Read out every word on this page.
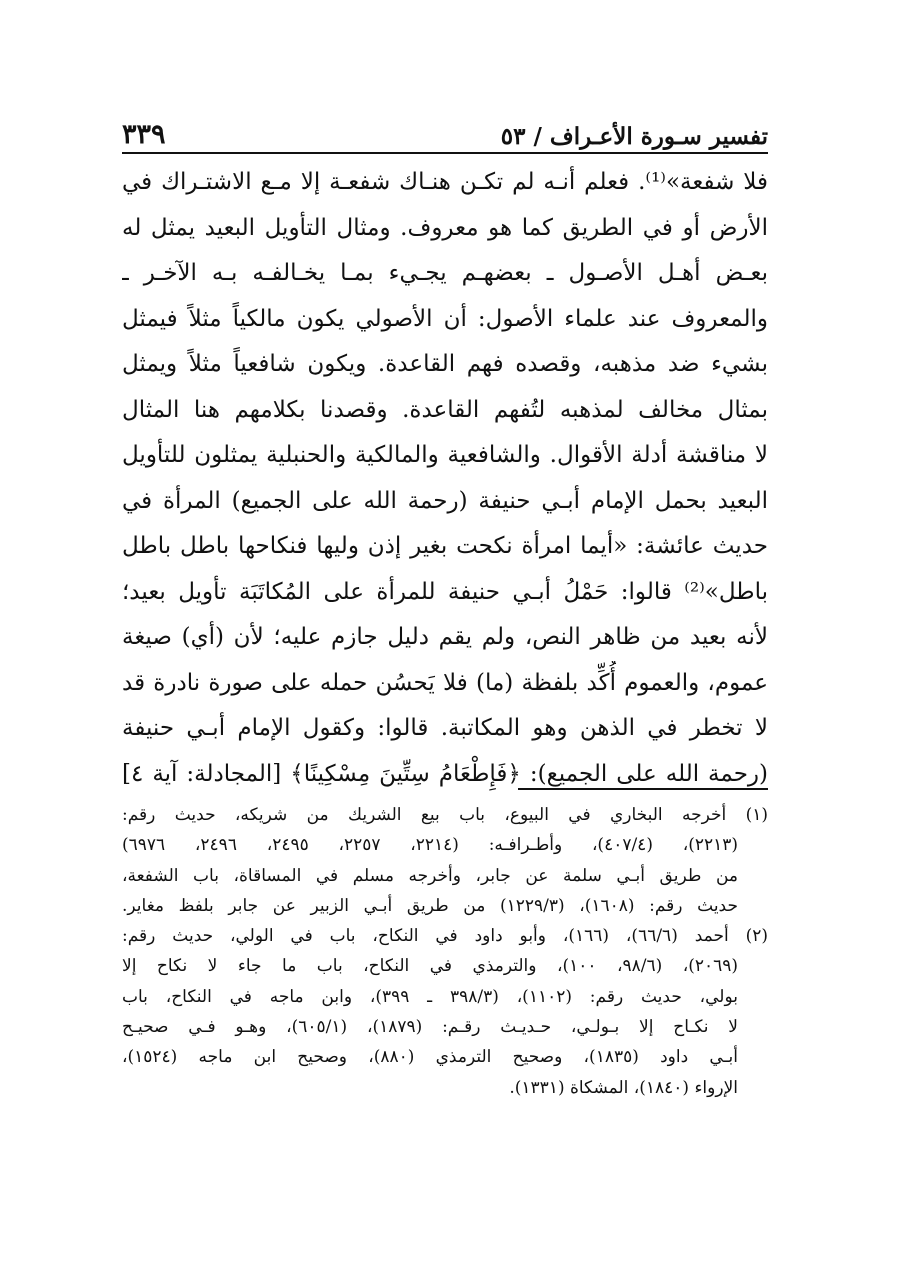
تفسير سـورة الأعـراف / ٥٣
٣٣٩
فلا شفعة»⁽¹⁾. فعلم أنـه لم تكـن هنـاك شفعـة إلا مـع الاشتـراك في
الأرض أو في الطريق كما هو معروف. ومثال التأويل البعيد يمثل له
بعـض أهـل الأصـول ـ بعضهـم يجـيء بمـا يخـالفـه بـه الآخـر ـ
والمعروف عند علماء الأصول: أن الأصولي يكون مالكياً مثلاً فيمثل
بشيء ضد مذهبه، وقصده فهم القاعدة. ويكون شافعياً مثلاً ويمثل
بمثال مخالف لمذهبه لتُفهم القاعدة. وقصدنا بكلامهم هنا المثال
لا مناقشة أدلة الأقوال. والشافعية والمالكية والحنبلية يمثلون للتأويل
البعيد بحمل الإمام أبـي حنيفة (رحمة الله على الجميع) المرأة في
حديث عائشة: «أيما امرأة نكحت بغير إذن وليها فنكاحها باطل باطل
باطل»⁽²⁾ قالوا: حَمْلُ أبـي حنيفة للمرأة على المُكاتَبَة تأويل بعيد؛
لأنه بعيد من ظاهر النص، ولم يقم دليل جازم عليه؛ لأن (أي) صيغة
عموم، والعموم أُكِّد بلفظة (ما) فلا يَحسُن حمله على صورة نادرة قد
لا تخطر في الذهن وهو المكاتبة. قالوا: وكقول الإمام أبـي حنيفة
(رحمة الله على الجميع): ﴿فَإِطْعَامُ سِتِّينَ مِسْكِينًا﴾ [المجادلة: آية ٤]
(١) أخرجه البخاري في البيوع، باب بيع الشريك من شريكه، حديث رقم:
(٢٢١٣)، (٤٠٧/٤)، وأطـرافـه: (٢٢١٤، ٢٢٥٧، ٢٤٩٥، ٢٤٩٦، ٦٩٧٦)
من طريق أبـي سلمة عن جابر، وأخرجه مسلم في المساقاة، باب الشفعة،
حديث رقم: (١٦٠٨)، (١٢٢٩/٣) من طريق أبـي الزبير عن جابر بلفظ مغاير.
(٢) أحمد (٦٦/٦)، (١٦٦)، وأبو داود في النكاح، باب في الولي، حديث رقم:
(٢٠٦٩)، (٩٨/٦، ١٠٠)، والترمذي في النكاح، باب ما جاء لا نكاح إلا
بولي، حديث رقم: (١١٠٢)، (٣٩٨/٣ ـ ٣٩٩)، وابن ماجه في النكاح، باب
لا نكـاح إلا بـولـي، حـديـث رقـم: (١٨٧٩)، (٦٠٥/١)، وهـو فـي صحيـح
أبـي داود (١٨٣٥)، وصحيح الترمذي (٨٨٠)، وصحيح ابن ماجه (١٥٢٤)،
الإرواء (١٨٤٠)، المشكاة (١٣٣١).
